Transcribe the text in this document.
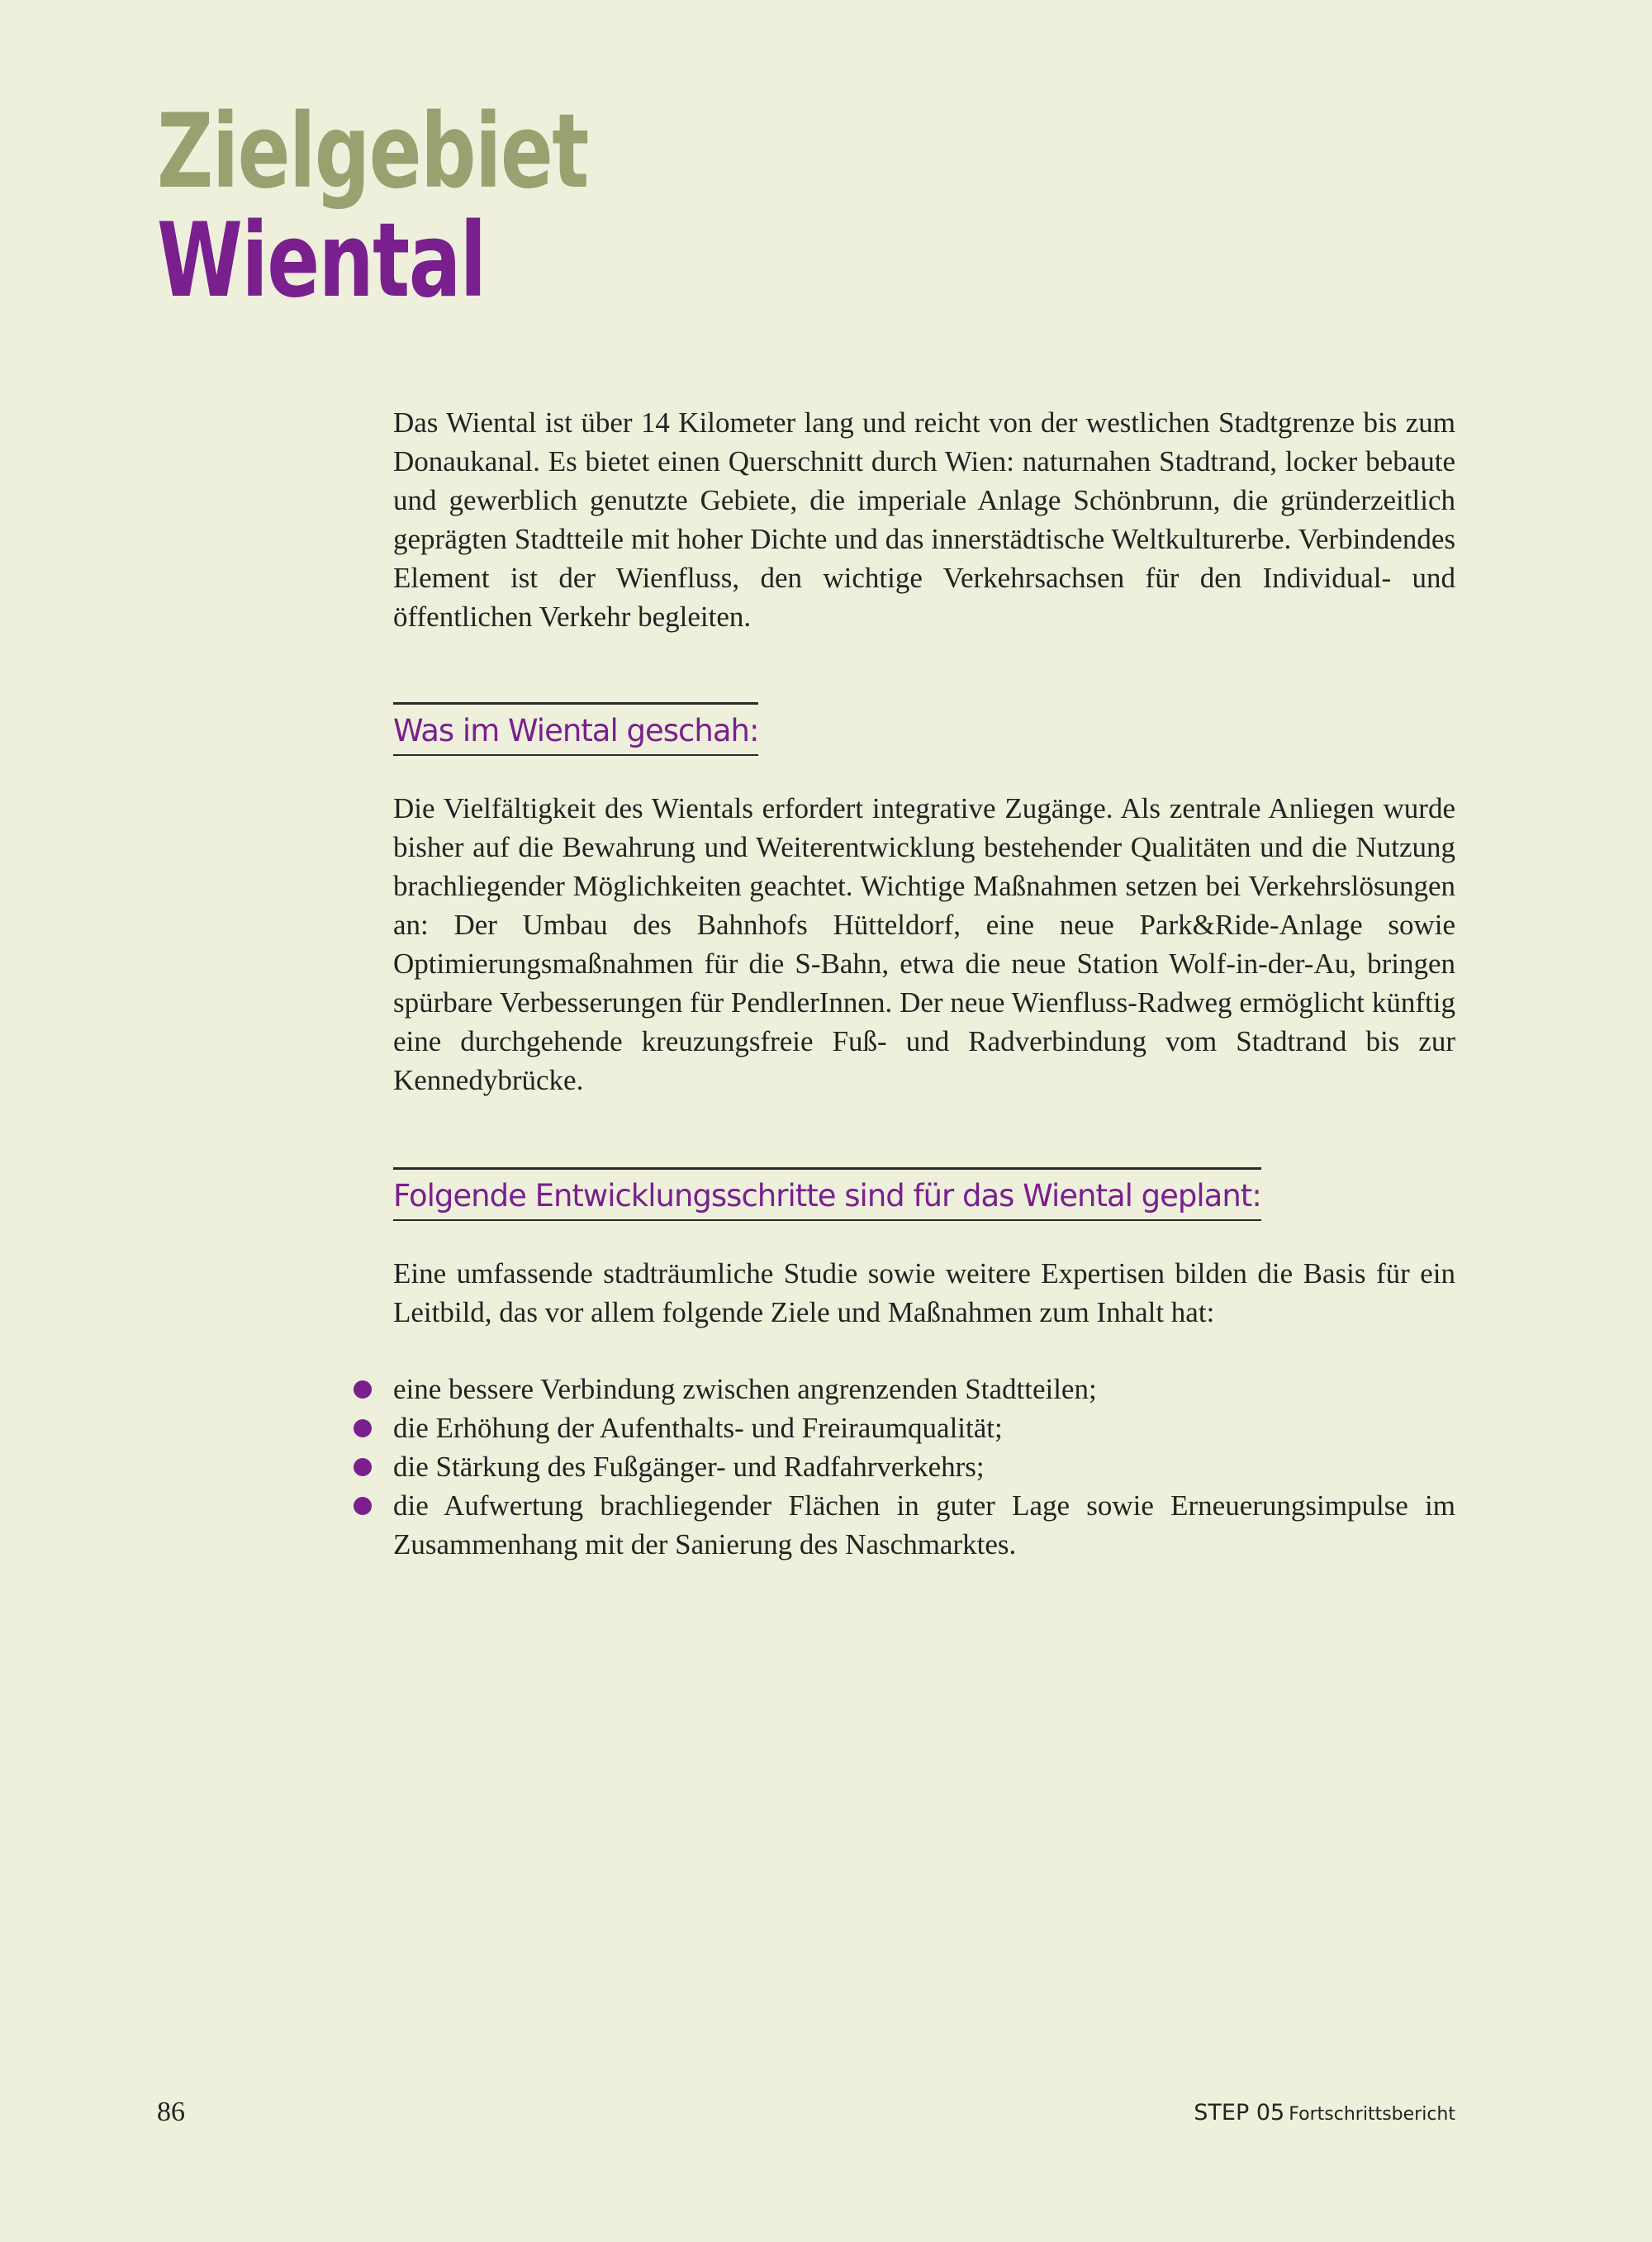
Zielgebiet
Wiental

Das Wiental ist über 14 Kilometer lang und reicht von der westlichen Stadtgrenze bis zum Donaukanal. Es bietet einen Querschnitt durch Wien: naturnahen Stadtrand, locker bebaute und gewerblich genutzte Gebiete, die imperiale Anlage Schönbrunn, die gründerzeitlich geprägten Stadtteile mit hoher Dichte und das innerstädtische Weltkulturerbe. Verbindendes Element ist der Wienfluss, den wichtige Verkehrsachsen für den Individual- und öffentlichen Verkehr begleiten.

Was im Wiental geschah:

Die Vielfältigkeit des Wientals erfordert integrative Zugänge. Als zentrale Anliegen wurde bisher auf die Bewahrung und Weiterentwicklung bestehender Qualitäten und die Nutzung brachliegender Möglichkeiten geachtet. Wichtige Maßnahmen setzen bei Verkehrslösungen an: Der Umbau des Bahnhofs Hütteldorf, eine neue Park&Ride-Anlage sowie Optimierungsmaßnahmen für die S-Bahn, etwa die neue Station Wolf-in-der-Au, bringen spürbare Verbesserungen für PendlerInnen. Der neue Wienfluss-Radweg ermöglicht künftig eine durchgehende kreuzungsfreie Fuß- und Radverbindung vom Stadtrand bis zur Kennedybrücke.

Folgende Entwicklungsschritte sind für das Wiental geplant:

Eine umfassende stadträumliche Studie sowie weitere Expertisen bilden die Basis für ein Leitbild, das vor allem folgende Ziele und Maßnahmen zum Inhalt hat:

eine bessere Verbindung zwischen angrenzenden Stadtteilen;
die Erhöhung der Aufenthalts- und Freiraumqualität;
die Stärkung des Fußgänger- und Radfahrverkehrs;
die Aufwertung brachliegender Flächen in guter Lage sowie Erneuerungsimpulse im Zusammenhang mit der Sanierung des Naschmarktes.
86	STEP 05 Fortschrittsbericht
